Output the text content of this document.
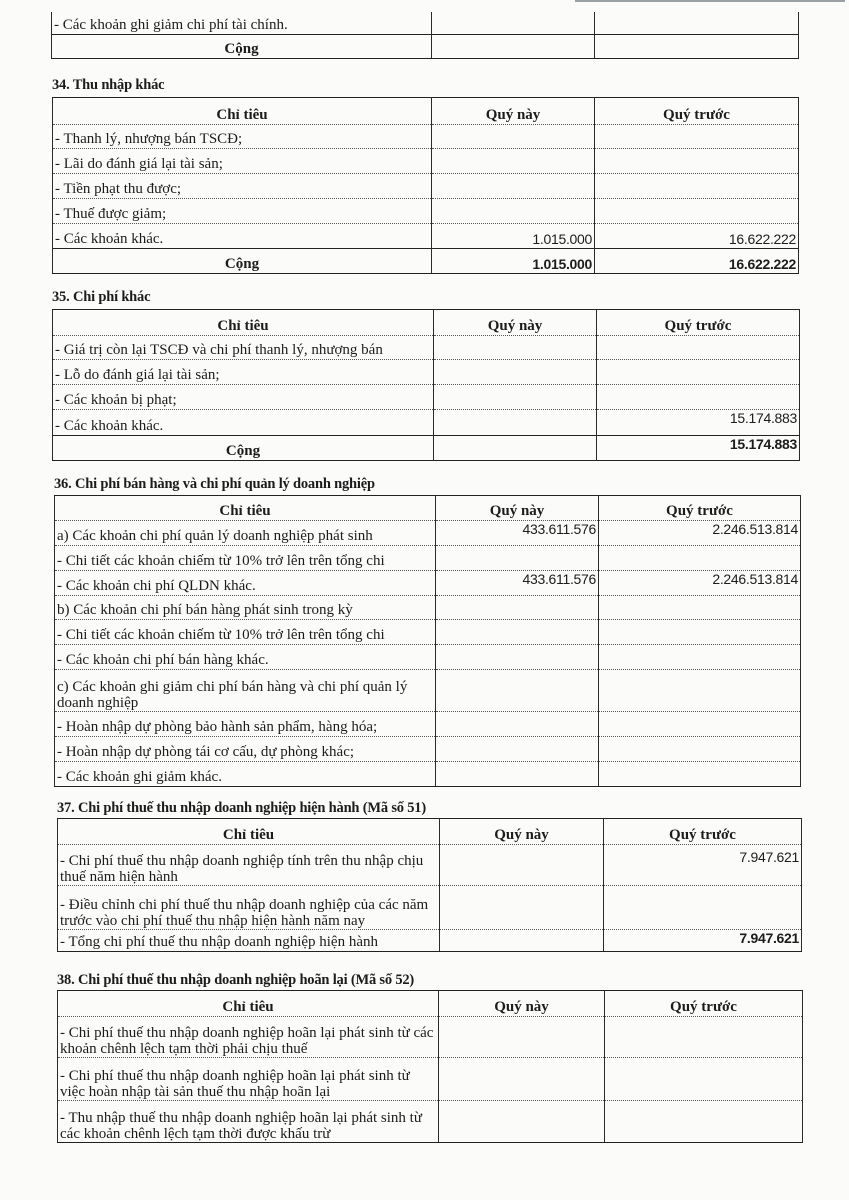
- Các khoản ghi giảm chi phí tài chính.		
Cộng		
34. Thu nhập khác
Chỉ tiêu	Quý này	Quý trước
- Thanh lý, nhượng bán TSCĐ;		
- Lãi do đánh giá lại tài sản;		
- Tiền phạt thu được;		
- Thuế được giảm;		
- Các khoản khác.	1.015.000	16.622.222
Cộng	1.015.000	16.622.222
35. Chi phí khác
Chỉ tiêu	Quý này	Quý trước
- Giá trị còn lại TSCĐ và chi phí thanh lý, nhượng bán		
- Lỗ do đánh giá lại tài sản;		
- Các khoản bị phạt;		
- Các khoản khác.		15.174.883
Cộng		15.174.883
36. Chi phí bán hàng và chi phí quản lý doanh nghiệp
Chỉ tiêu	Quý này	Quý trước
a) Các khoản chi phí quản lý doanh nghiệp phát sinh	433.611.576	2.246.513.814
- Chi tiết các khoản chiếm từ 10% trở lên trên tổng chi		
- Các khoản chi phí QLDN khác.	433.611.576	2.246.513.814
b) Các khoản chi phí bán hàng phát sinh trong kỳ		
- Chi tiết các khoản chiếm từ 10% trở lên trên tổng chi		
- Các khoản chi phí bán hàng khác.		
c) Các khoản ghi giảm chi phí bán hàng và chi phí quản lý doanh nghiệp		
- Hoàn nhập dự phòng bảo hành sản phẩm, hàng hóa;		
- Hoàn nhập dự phòng tái cơ cấu, dự phòng khác;		
- Các khoản ghi giảm khác.		
37. Chi phí thuế thu nhập doanh nghiệp hiện hành (Mã số 51)
Chỉ tiêu	Quý này	Quý trước
- Chi phí thuế thu nhập doanh nghiệp tính trên thu nhập chịu thuế năm hiện hành		7.947.621
- Điều chỉnh chi phí thuế thu nhập doanh nghiệp của các năm trước vào chi phí thuế thu nhập hiện hành năm nay		
- Tổng chi phí thuế thu nhập doanh nghiệp hiện hành		7.947.621
38. Chi phí thuế thu nhập doanh nghiệp hoãn lại (Mã số 52)
Chỉ tiêu	Quý này	Quý trước
- Chi phí thuế thu nhập doanh nghiệp hoãn lại phát sinh từ các khoản chênh lệch tạm thời phải chịu thuế		
- Chi phí thuế thu nhập doanh nghiệp hoãn lại phát sinh từ việc hoàn nhập tài sản thuế thu nhập hoãn lại		
- Thu nhập thuế thu nhập doanh nghiệp hoãn lại phát sinh từ các khoản chênh lệch tạm thời được khấu trừ		
